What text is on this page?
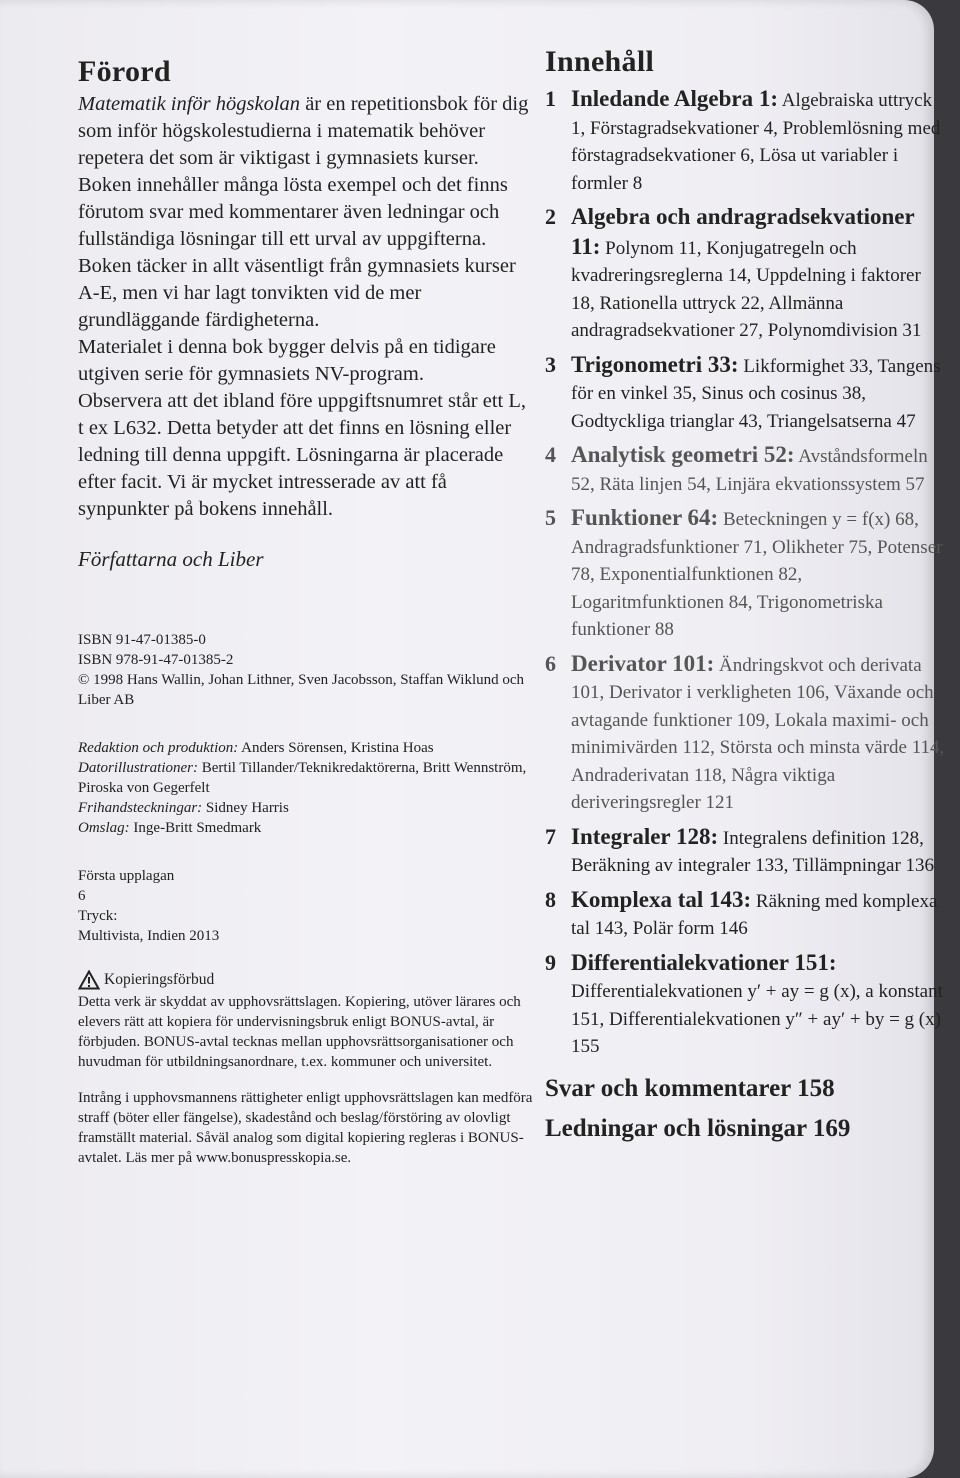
Förord

Matematik inför högskolan är en repetitionsbok för dig som inför högskolestudierna i matematik behöver repetera det som är viktigast i gymnasiets kurser. Boken innehåller många lösta exempel och det finns förutom svar med kommentarer även ledningar och fullständiga lösningar till ett urval av uppgifterna. Boken täcker in allt väsentligt från gymnasiets kurser A-E, men vi har lagt tonvikten vid de mer grundläggande färdigheterna.

Materialet i denna bok bygger delvis på en tidigare utgiven serie för gymnasiets NV-program.

Observera att det ibland före uppgiftsnumret står ett L, t ex L632. Detta betyder att det finns en lösning eller ledning till denna uppgift. Lösningarna är placerade efter facit. Vi är mycket intresserade av att få synpunkter på bokens innehåll.

Författarna och Liber
ISBN 91-47-01385-0
ISBN 978-91-47-01385-2
© 1998 Hans Wallin, Johan Lithner, Sven Jacobsson, Staffan Wiklund och Liber AB
Redaktion och produktion: Anders Sörensen, Kristina Hoas
Datorillustrationer: Bertil Tillander/Teknikredaktörerna, Britt Wennström, Piroska von Gegerfelt
Frihandsteckningar: Sidney Harris
Omslag: Inge-Britt Smedmark
Första upplagan
6
Tryck:
Multivista, Indien 2013
Kopieringsförbud
Detta verk är skyddat av upphovsrättslagen. Kopiering, utöver lärares och elevers rätt att kopiera för undervisningsbruk enligt BONUS-avtal, är förbjuden. BONUS-avtal tecknas mellan upphovsrättsorganisationer och huvudman för utbildningsanordnare, t.ex. kommuner och universitet.
Intrång i upphovsmannens rättigheter enligt upphovsrättslagen kan medföra straff (böter eller fängelse), skadestånd och beslag/förstöring av olovligt framställt material. Såväl analog som digital kopiering regleras i BONUS-avtalet. Läs mer på www.bonuspresskopia.se.
Innehåll
1 Inledande Algebra 1: Algebraiska uttryck 1, Förstagradsekvationer 4, Problemlösning med förstagradsekvationer 6, Lösa ut variabler i formler 8
2 Algebra och andragradsekvationer 11: Polynom 11, Konjugatregeln och kvadreringsreglerna 14, Uppdelning i faktorer 18, Rationella uttryck 22, Allmänna andragradsekvationer 27, Polynomdivision 31
3 Trigonometri 33: Likformighet 33, Tangens för en vinkel 35, Sinus och cosinus 38, Godtyckliga trianglar 43, Triangelsatserna 47
4 Analytisk geometri 52: Avståndsformeln 52, Räta linjen 54, Linjära ekvationssystem 57
5 Funktioner 64: Beteckningen y = f(x) 68, Andragradsfunktioner 71, Olikheter 75, Potenser 78, Exponentialfunktionen 82, Logaritmfunktionen 84, Trigonometriska funktioner 88
6 Derivator 101: Ändringskvot och derivata 101, Derivator i verkligheten 106, Växande och avtagande funktioner 109, Lokala maximi- och minimivärden 112, Största och minsta värde 114, Andraderivatan 118, Några viktiga deriveringsregler 121
7 Integraler 128: Integralens definition 128, Beräkning av integraler 133, Tillämpningar 136
8 Komplexa tal 143: Räkning med komplexa tal 143, Polär form 146
9 Differentialekvationer 151: Differentialekvationen y′ + ay = g (x), a konstant 151, Differentialekvationen y″ + ay′ + by = g (x) 155
Svar och kommentarer 158
Ledningar och lösningar 169
